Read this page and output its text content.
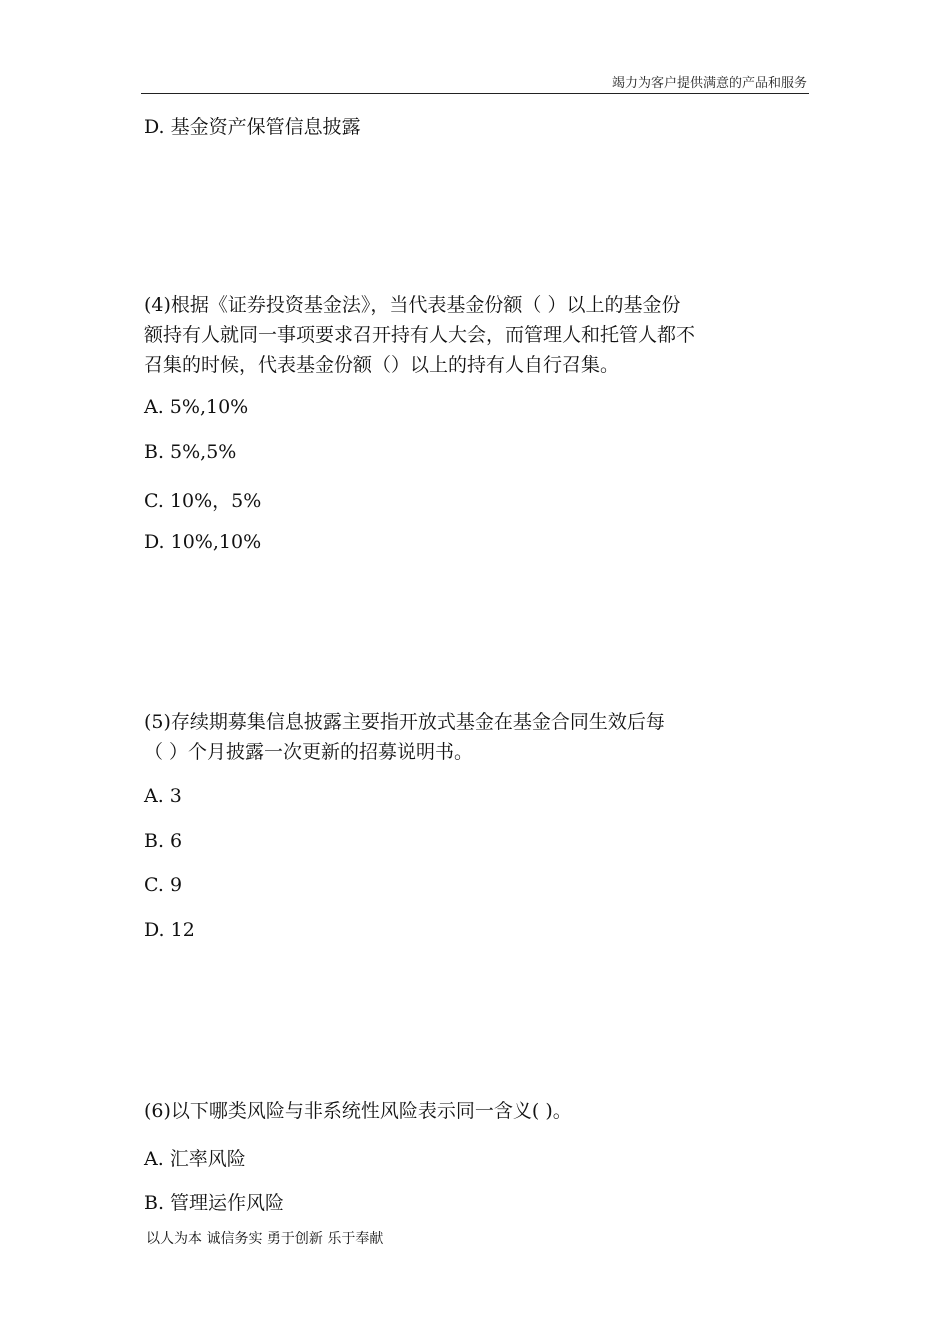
竭力为客户提供满意的产品和服务
D. 基金资产保管信息披露
(4)根据《证券投资基金法》，当代表基金份额（ ）以上的基金份
额持有人就同一事项要求召开持有人大会，而管理人和托管人都不
召集的时候，代表基金份额（）以上的持有人自行召集。
A. 5%,10%
B. 5%,5%
C. 10%，5%
D. 10%,10%
(5)存续期募集信息披露主要指开放式基金在基金合同生效后每
（ ）个月披露一次更新的招募说明书。
A. 3
B. 6
C. 9
D. 12
(6)以下哪类风险与非系统性风险表示同一含义( )。
A. 汇率风险
B. 管理运作风险
以人为本 诚信务实 勇于创新 乐于奉献
